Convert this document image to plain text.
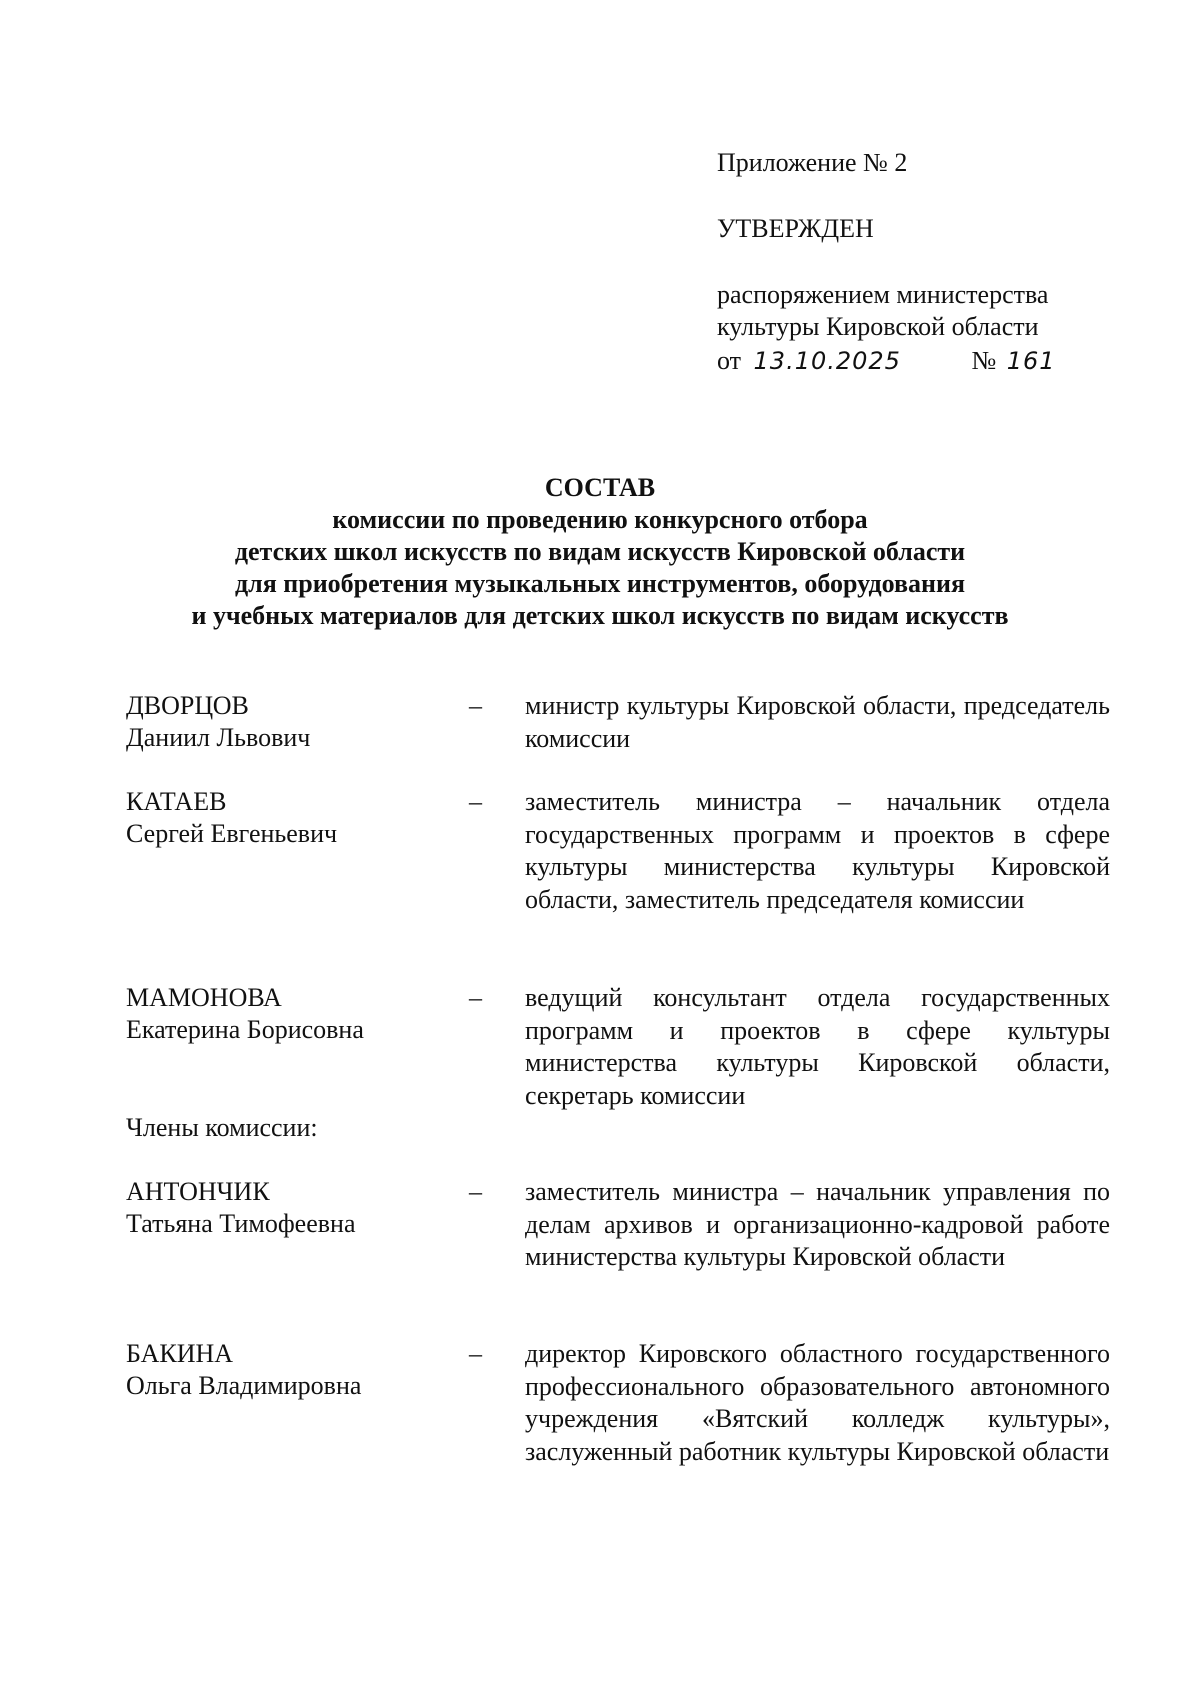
Приложение № 2
УТВЕРЖДЕН
распоряжением министерства
культуры Кировской области
от 13.10.2025	№ 161
СОСТАВ
комиссии по проведению конкурсного отбора
детских школ искусств по видам искусств Кировской области
для приобретения музыкальных инструментов, оборудования
и учебных материалов для детских школ искусств по видам искусств
ДВОРЦОВ
Даниил Львович
– министр культуры Кировской области, председатель комиссии
КАТАЕВ
Сергей Евгеньевич
– заместитель министра – начальник отдела государственных программ и проектов в сфере культуры министерства культуры Кировской области, заместитель председателя комиссии
МАМОНОВА
Екатерина Борисовна
– ведущий консультант отдела государственных программ и проектов в сфере культуры министерства культуры Кировской области, секретарь комиссии
Члены комиссии:
АНТОНЧИК
Татьяна Тимофеевна
– заместитель министра – начальник управления по делам архивов и организационно-кадровой работе министерства культуры Кировской области
БАКИНА
Ольга Владимировна
– директор Кировского областного государственного профессионального образовательного автономного учреждения «Вятский колледж культуры», заслуженный работник культуры Кировской области
